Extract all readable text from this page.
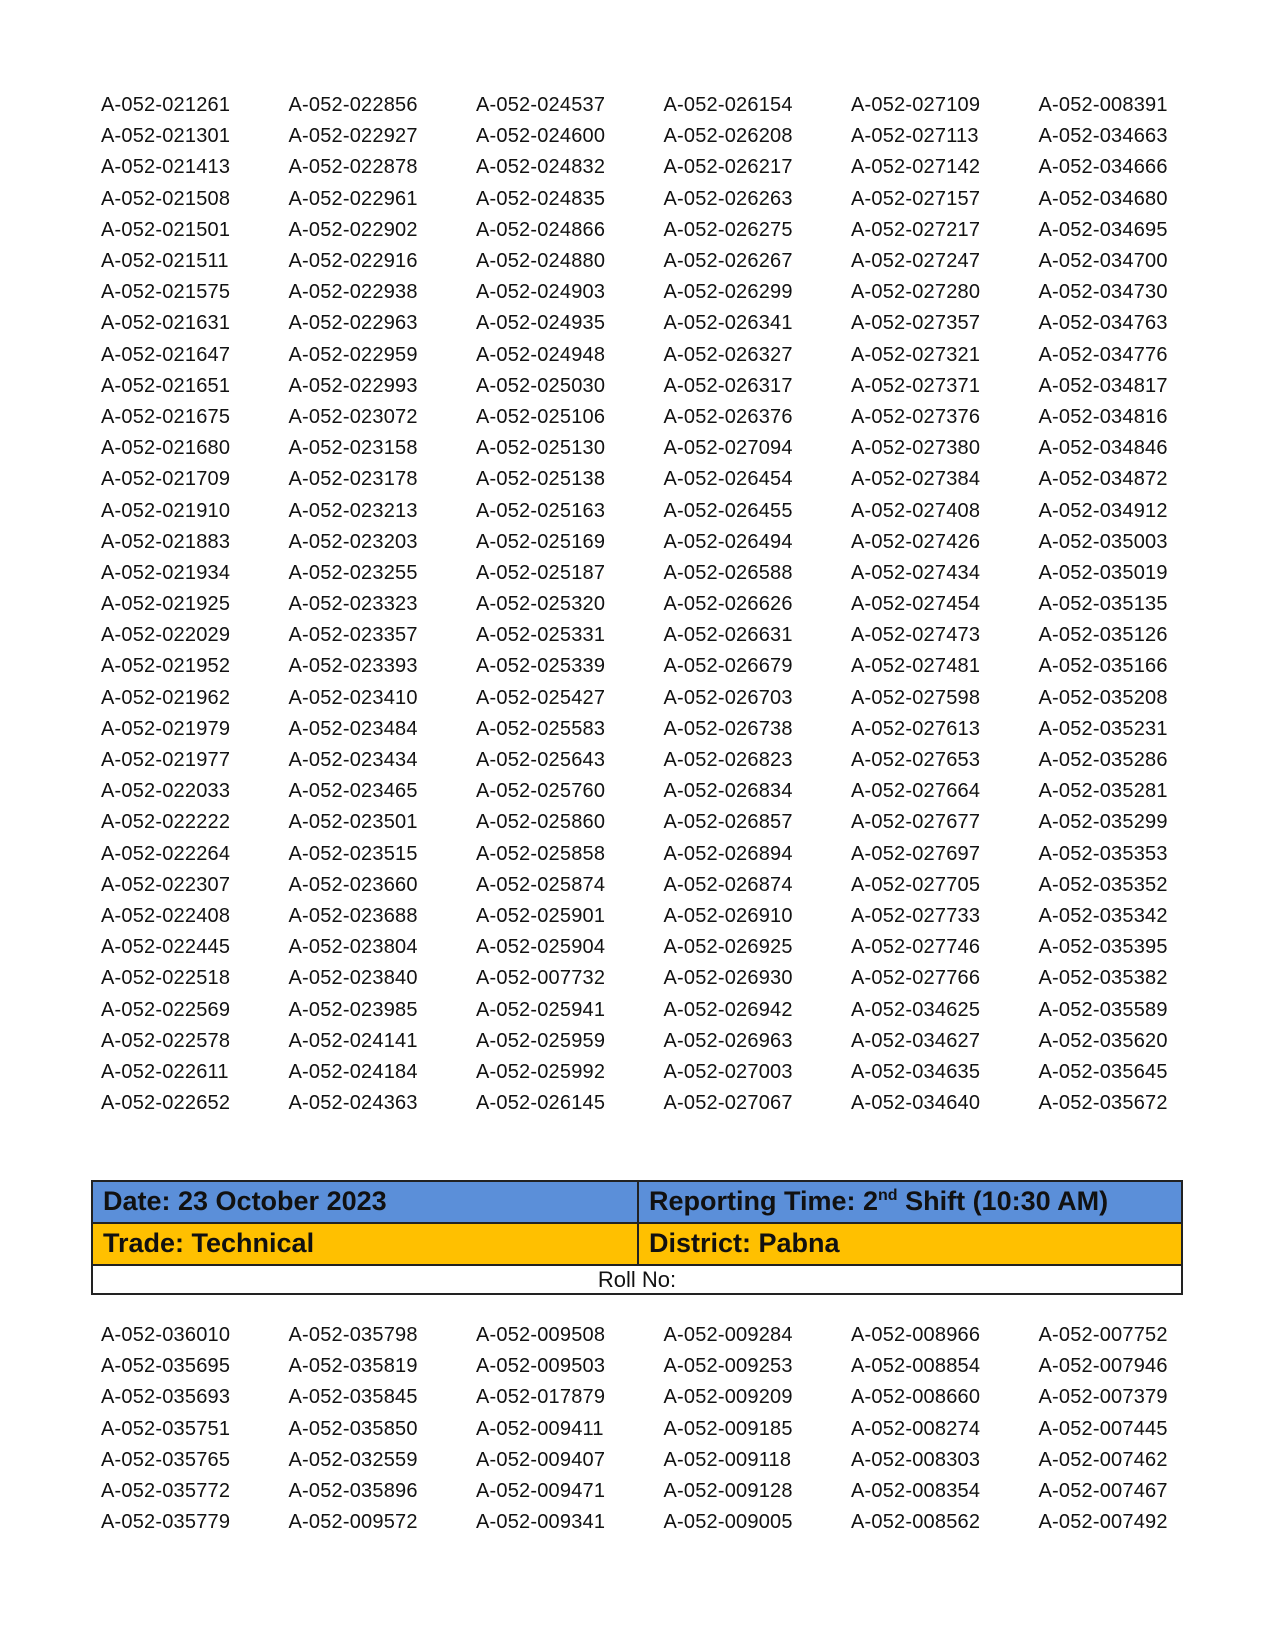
A-052-021261	A-052-022856	A-052-024537	A-052-026154	A-052-027109	A-052-008391
A-052-021301	A-052-022927	A-052-024600	A-052-026208	A-052-027113	A-052-034663
A-052-021413	A-052-022878	A-052-024832	A-052-026217	A-052-027142	A-052-034666
A-052-021508	A-052-022961	A-052-024835	A-052-026263	A-052-027157	A-052-034680
A-052-021501	A-052-022902	A-052-024866	A-052-026275	A-052-027217	A-052-034695
A-052-021511	A-052-022916	A-052-024880	A-052-026267	A-052-027247	A-052-034700
A-052-021575	A-052-022938	A-052-024903	A-052-026299	A-052-027280	A-052-034730
A-052-021631	A-052-022963	A-052-024935	A-052-026341	A-052-027357	A-052-034763
A-052-021647	A-052-022959	A-052-024948	A-052-026327	A-052-027321	A-052-034776
A-052-021651	A-052-022993	A-052-025030	A-052-026317	A-052-027371	A-052-034817
A-052-021675	A-052-023072	A-052-025106	A-052-026376	A-052-027376	A-052-034816
A-052-021680	A-052-023158	A-052-025130	A-052-027094	A-052-027380	A-052-034846
A-052-021709	A-052-023178	A-052-025138	A-052-026454	A-052-027384	A-052-034872
A-052-021910	A-052-023213	A-052-025163	A-052-026455	A-052-027408	A-052-034912
A-052-021883	A-052-023203	A-052-025169	A-052-026494	A-052-027426	A-052-035003
A-052-021934	A-052-023255	A-052-025187	A-052-026588	A-052-027434	A-052-035019
A-052-021925	A-052-023323	A-052-025320	A-052-026626	A-052-027454	A-052-035135
A-052-022029	A-052-023357	A-052-025331	A-052-026631	A-052-027473	A-052-035126
A-052-021952	A-052-023393	A-052-025339	A-052-026679	A-052-027481	A-052-035166
A-052-021962	A-052-023410	A-052-025427	A-052-026703	A-052-027598	A-052-035208
A-052-021979	A-052-023484	A-052-025583	A-052-026738	A-052-027613	A-052-035231
A-052-021977	A-052-023434	A-052-025643	A-052-026823	A-052-027653	A-052-035286
A-052-022033	A-052-023465	A-052-025760	A-052-026834	A-052-027664	A-052-035281
A-052-022222	A-052-023501	A-052-025860	A-052-026857	A-052-027677	A-052-035299
A-052-022264	A-052-023515	A-052-025858	A-052-026894	A-052-027697	A-052-035353
A-052-022307	A-052-023660	A-052-025874	A-052-026874	A-052-027705	A-052-035352
A-052-022408	A-052-023688	A-052-025901	A-052-026910	A-052-027733	A-052-035342
A-052-022445	A-052-023804	A-052-025904	A-052-026925	A-052-027746	A-052-035395
A-052-022518	A-052-023840	A-052-007732	A-052-026930	A-052-027766	A-052-035382
A-052-022569	A-052-023985	A-052-025941	A-052-026942	A-052-034625	A-052-035589
A-052-022578	A-052-024141	A-052-025959	A-052-026963	A-052-034627	A-052-035620
A-052-022611	A-052-024184	A-052-025992	A-052-027003	A-052-034635	A-052-035645
A-052-022652	A-052-024363	A-052-026145	A-052-027067	A-052-034640	A-052-035672
Date: 23 October 2023	Reporting Time: 2nd Shift (10:30 AM)
Trade: Technical	District: Pabna
Roll No:
A-052-036010	A-052-035798	A-052-009508	A-052-009284	A-052-008966	A-052-007752
A-052-035695	A-052-035819	A-052-009503	A-052-009253	A-052-008854	A-052-007946
A-052-035693	A-052-035845	A-052-017879	A-052-009209	A-052-008660	A-052-007379
A-052-035751	A-052-035850	A-052-009411	A-052-009185	A-052-008274	A-052-007445
A-052-035765	A-052-032559	A-052-009407	A-052-009118	A-052-008303	A-052-007462
A-052-035772	A-052-035896	A-052-009471	A-052-009128	A-052-008354	A-052-007467
A-052-035779	A-052-009572	A-052-009341	A-052-009005	A-052-008562	A-052-007492
